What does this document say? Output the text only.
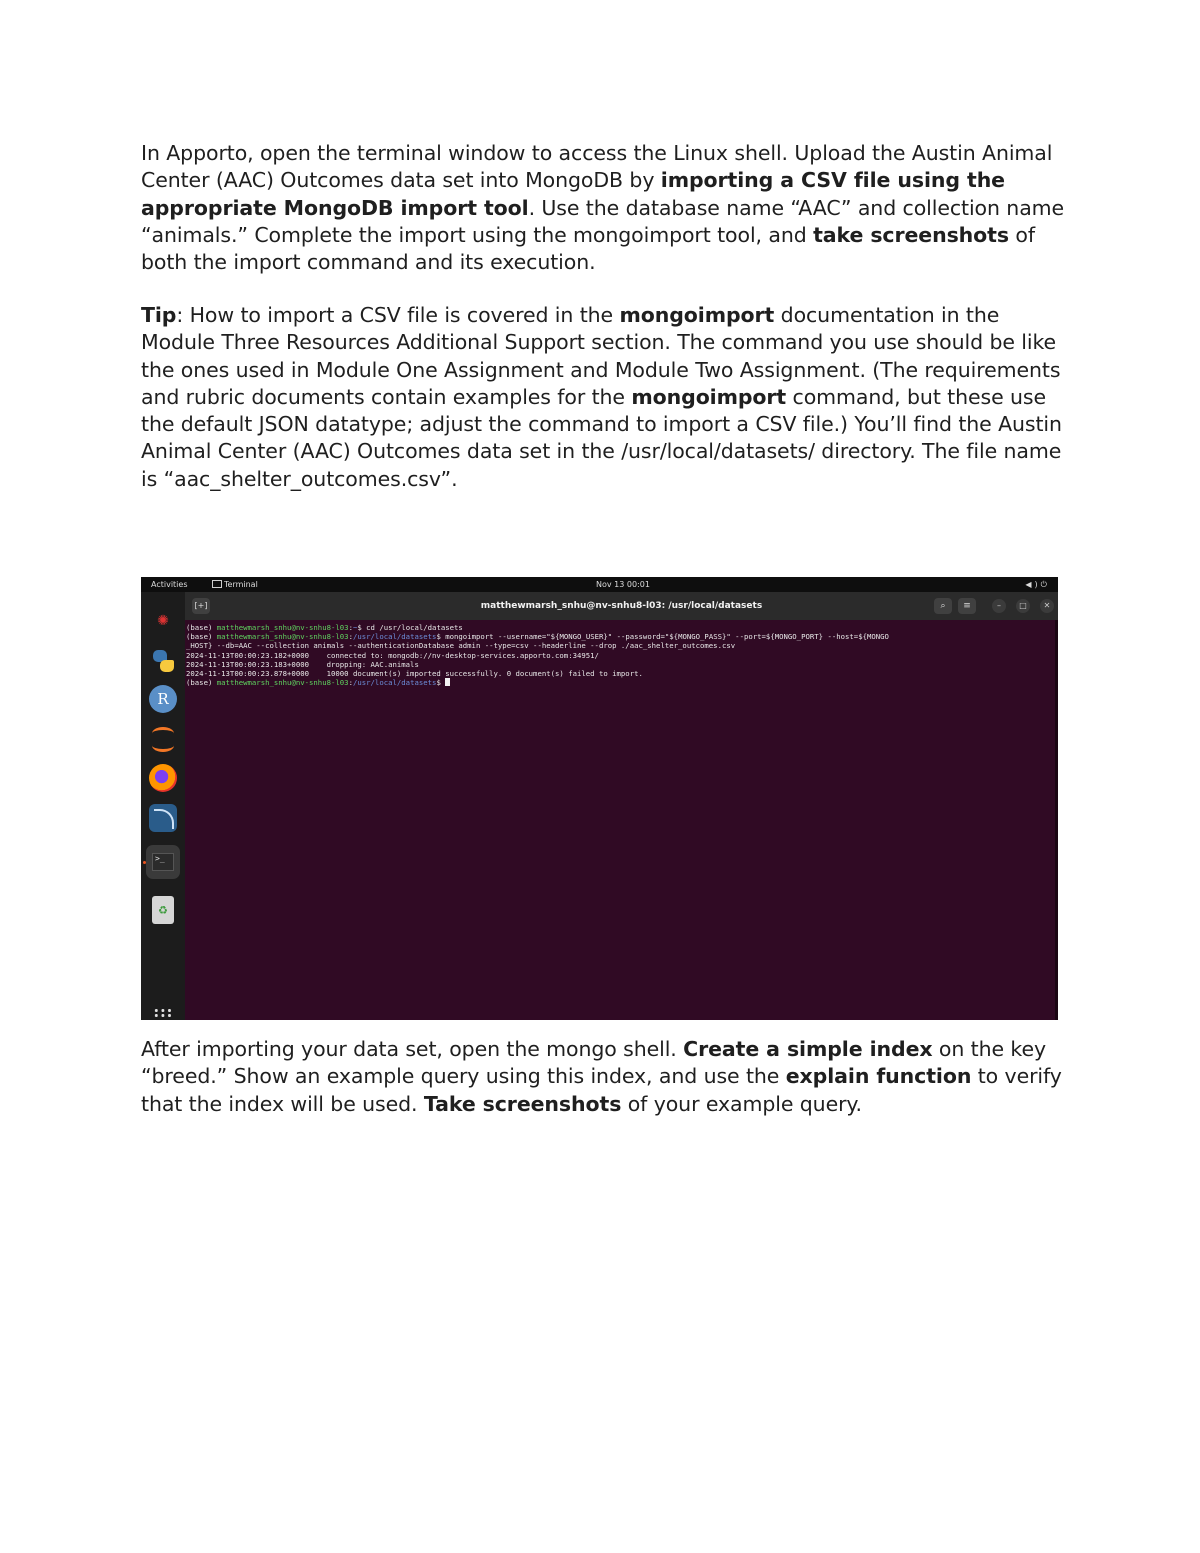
In Apporto, open the terminal window to access the Linux shell. Upload the Austin Animal Center (AAC) Outcomes data set into MongoDB by importing a CSV file using the appropriate MongoDB import tool. Use the database name “AAC” and collection name “animals.” Complete the import using the mongoimport tool, and take screenshots of both the import command and its execution.

Tip: How to import a CSV file is covered in the mongoimport documentation in the Module Three Resources Additional Support section. The command you use should be like the ones used in Module One Assignment and Module Two Assignment. (The requirements and rubric documents contain examples for the mongoimport command, but these use the default JSON datatype; adjust the command to import a CSV file.) You’ll find the Austin Animal Center (AAC) Outcomes data set in the /usr/local/datasets/ directory. The file name is “aac_shelter_outcomes.csv”.

Activities	Terminal	Nov 13 00:01	◀)⏻
✺
R
>_
♻
[+]	matthewmarsh_snhu@nv-snhu8-l03: /usr/local/datasets	⌕	≡	–	□	✕
(base) matthewmarsh_snhu@nv-snhu8-l03:~$ cd /usr/local/datasets
(base) matthewmarsh_snhu@nv-snhu8-l03:/usr/local/datasets$ mongoimport --username="${MONGO_USER}" --password="${MONGO_PASS}" --port=${MONGO_PORT} --host=${MONGO
_HOST} --db=AAC --collection animals --authenticationDatabase admin --type=csv --headerline --drop ./aac_shelter_outcomes.csv
2024-11-13T00:00:23.182+0000    connected to: mongodb://nv-desktop-services.apporto.com:34951/
2024-11-13T00:00:23.183+0000    dropping: AAC.animals
2024-11-13T00:00:23.878+0000    10000 document(s) imported successfully. 0 document(s) failed to import.
(base) matthewmarsh_snhu@nv-snhu8-l03:/usr/local/datasets$

After importing your data set, open the mongo shell. Create a simple index on the key “breed.” Show an example query using this index, and use the explain function to verify that the index will be used. Take screenshots of your example query.
